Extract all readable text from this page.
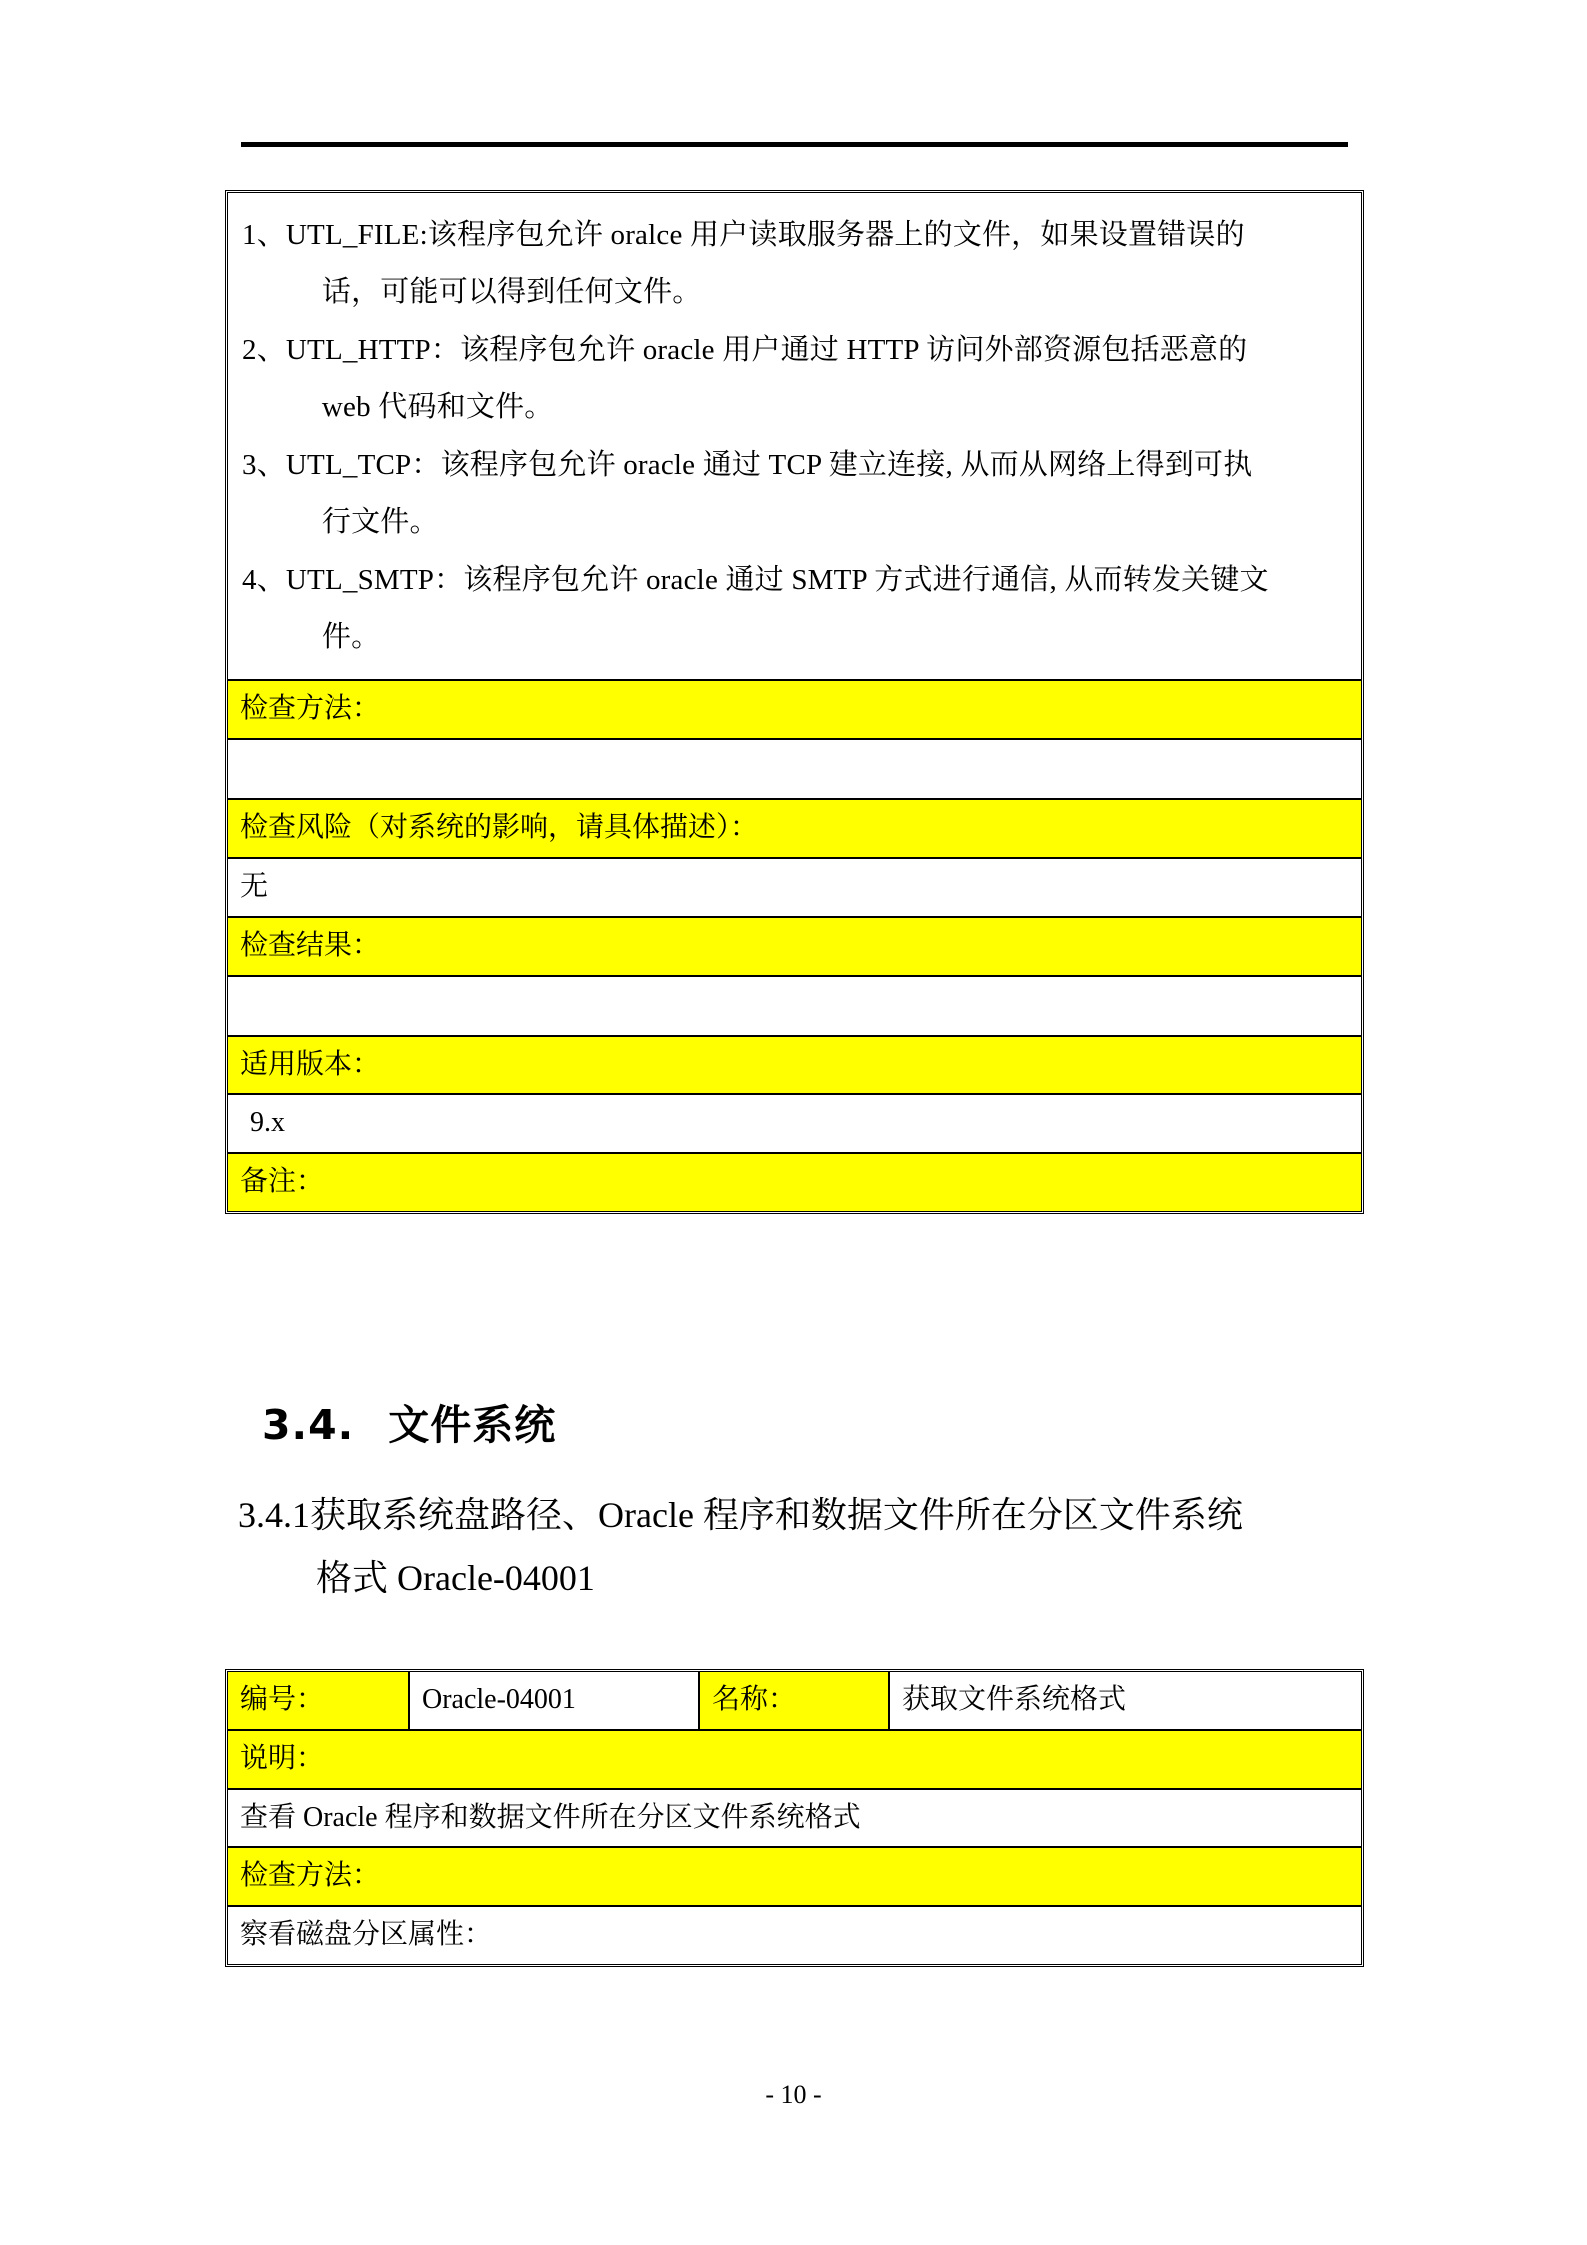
1、 UTL_FILE:该程序包允许 oralce 用户读取服务器上的文件，如果设置错误的
话，可能可以得到任何文件。
2、 UTL_HTTP：该程序包允许 oracle 用户通过 HTTP 访问外部资源包括恶意的
web 代码和文件。
3、 UTL_TCP：该程序包允许 oracle 通过 TCP 建立连接, 从而从网络上得到可执
行文件。
4、 UTL_SMTP：该程序包允许 oracle 通过 SMTP 方式进行通信, 从而转发关键文
件。
检查方法：
检查风险（对系统的影响，请具体描述）：
无
检查结果：
适用版本：
9.x
备注：
3.4. 文件系统
3.4.1获取系统盘路径、Oracle 程序和数据文件所在分区文件系统
格式 Oracle-04001
编号：	Oracle-04001	名称：	获取文件系统格式
说明：
查看 Oracle 程序和数据文件所在分区文件系统格式
检查方法：
察看磁盘分区属性：
- 10 -
